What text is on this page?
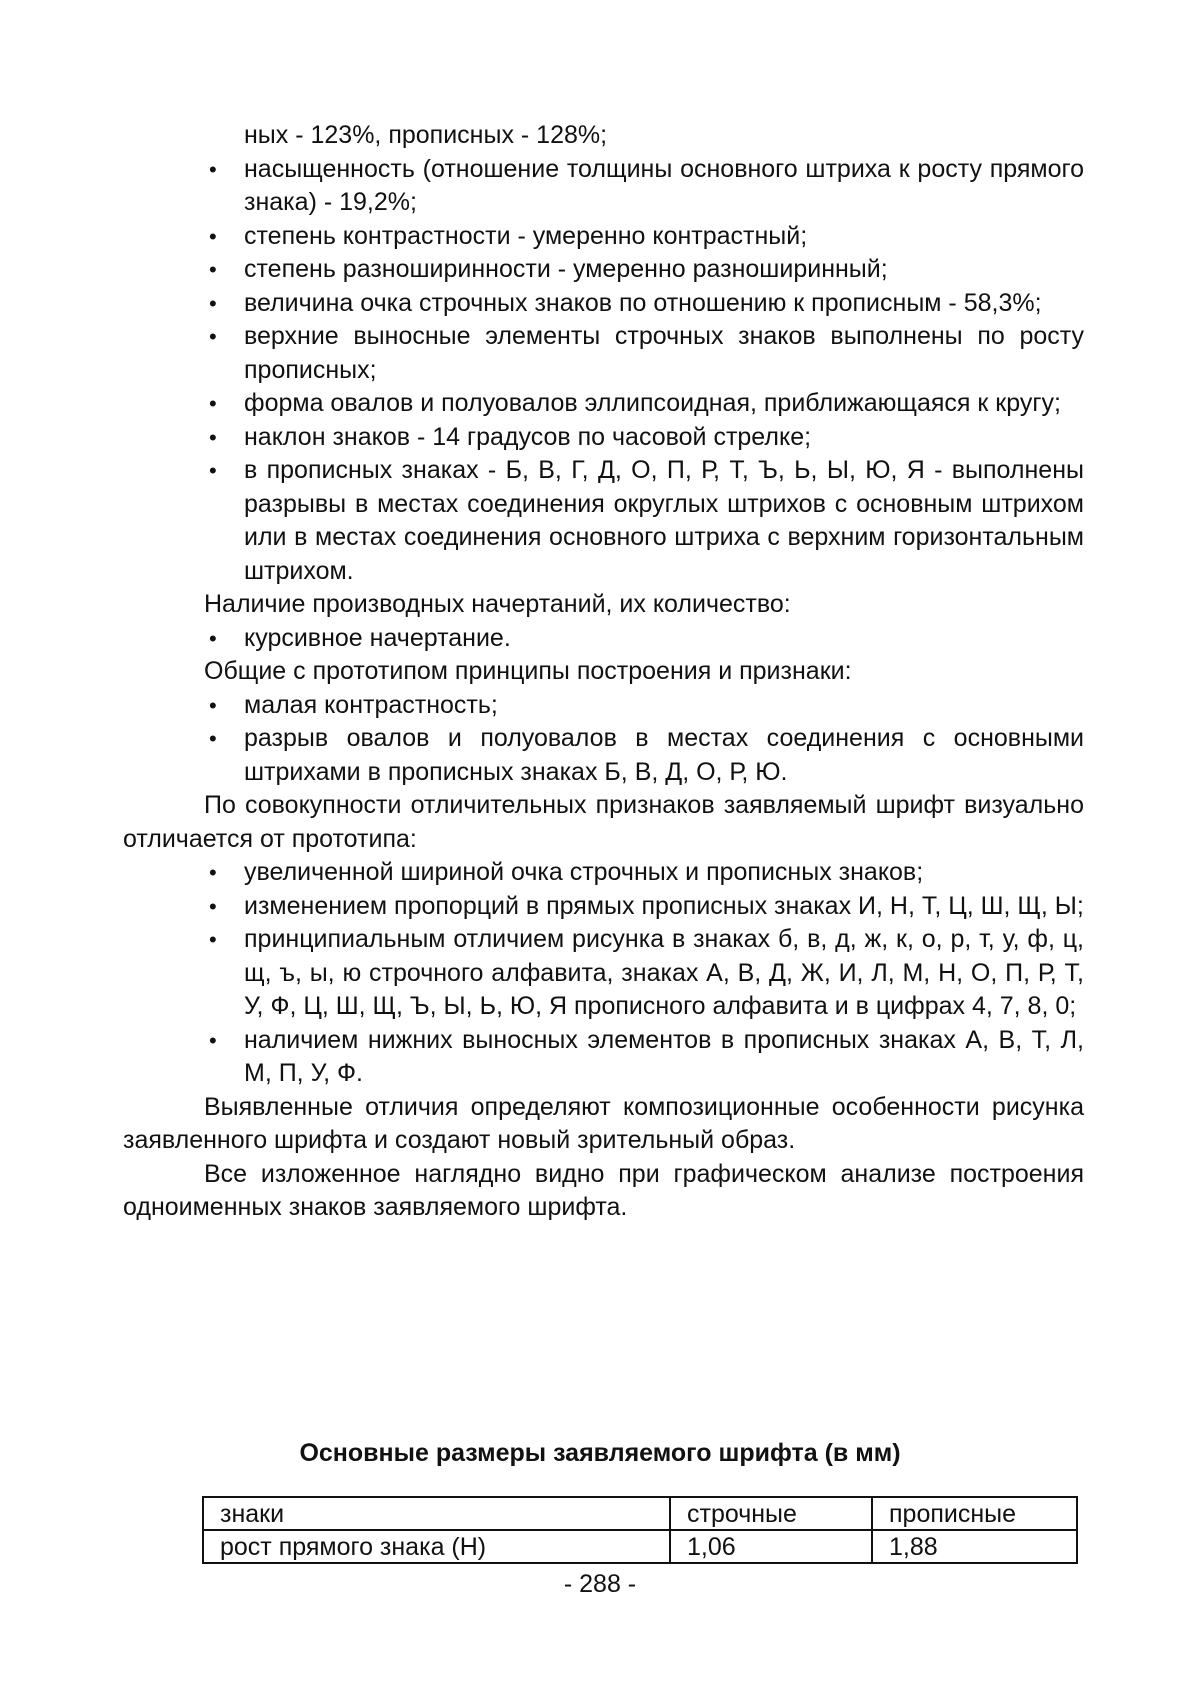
ных - 123%, прописных - 128%;

• насыщенность (отношение толщины основного штриха к росту прямого знака) - 19,2%;
• степень контрастности - умеренно контрастный;
• степень разноширинности - умеренно разноширинный;
• величина очка строчных знаков по отношению к прописным - 58,3%;
• верхние выносные элементы строчных знаков выполнены по росту прописных;
• форма овалов и полуовалов эллипсоидная, приближающаяся к кругу;
• наклон знаков - 14 градусов по часовой стрелке;
• в прописных знаках - Б, В, Г, Д, О, П, Р, Т, Ъ, Ь, Ы, Ю, Я - выполнены разрывы в местах соединения округлых штрихов с основным штрихом или в местах соединения основного штриха с верхним горизонтальным штрихом.

Наличие производных начертаний, их количество:

• курсивное начертание.

Общие с прототипом принципы построения и признаки:

• малая контрастность;
• разрыв овалов и полуовалов в местах соединения с основными штрихами в прописных знаках Б, В, Д, О, Р, Ю.

По совокупности отличительных признаков заявляемый шрифт визуально отличается от прототипа:

• увеличенной шириной очка строчных и прописных знаков;
• изменением пропорций в прямых прописных знаках И, Н, Т, Ц, Ш, Щ, Ы;
• принципиальным отличием рисунка в знаках б, в, д, ж, к, о, р, т, у, ф, ц, щ, ъ, ы, ю строчного алфавита, знаках А, В, Д, Ж, И, Л, М, Н, О, П, Р, Т, У, Ф, Ц, Ш, Щ, Ъ, Ы, Ь, Ю, Я прописного алфавита и в цифрах 4, 7, 8, 0;
• наличием нижних выносных элементов в прописных знаках А, В, Т, Л, М, П, У, Ф.

Выявленные отличия определяют композиционные особенности рисунка заявленного шрифта и создают новый зрительный образ.

Все изложенное наглядно видно при графическом анализе построения одноименных знаков заявляемого шрифта.

Основные размеры заявляемого шрифта (в мм)
знаки	строчные	прописные
рост прямого знака (Н)	1,06	1,88
- 288 -
